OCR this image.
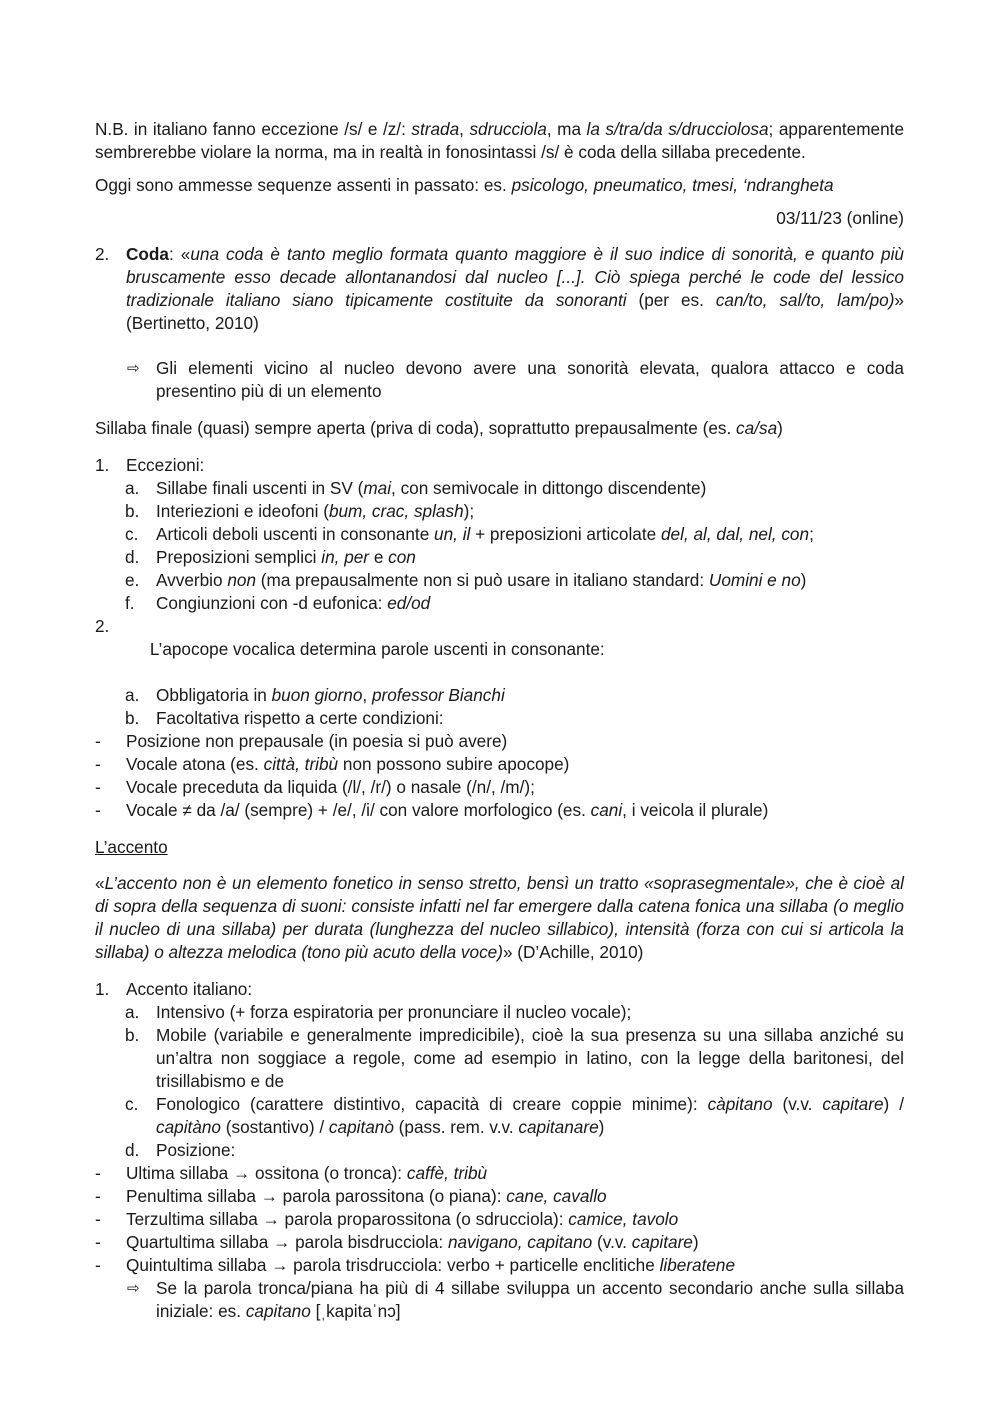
N.B. in italiano fanno eccezione /s/ e /z/: strada, sdrucciola, ma la s/tra/da s/drucciolosa; apparentemente sembrerebbe violare la norma, ma in realtà in fonosintassi /s/ è coda della sillaba precedente.

Oggi sono ammesse sequenze assenti in passato: es. psicologo, pneumatico, tmesi, ‘ndrangheta

03/11/23 (online)

2. Coda: «una coda è tanto meglio formata quanto maggiore è il suo indice di sonorità, e quanto più bruscamente esso decade allontanandosi dal nucleo [...]. Ciò spiega perché le code del lessico tradizionale italiano siano tipicamente costituite da sonoranti (per es. can/to, sal/to, lam/po)» (Bertinetto, 2010)
⇨ Gli elementi vicino al nucleo devono avere una sonorità elevata, qualora attacco e coda presentino più di un elemento

Sillaba finale (quasi) sempre aperta (priva di coda), soprattutto prepausalmente (es. ca/sa)

1. Eccezioni:
a. Sillabe finali uscenti in SV (mai, con semivocale in dittongo discendente)
b. Interiezioni e ideofoni (bum, crac, splash);
c. Articoli deboli uscenti in consonante un, il + preposizioni articolate del, al, dal, nel, con;
d. Preposizioni semplici in, per e con
e. Avverbio non (ma prepausalmente non si può usare in italiano standard: Uomini e no)
f. Congiunzioni con -d eufonica: ed/od

2.
L’apocope vocalica determina parole uscenti in consonante:

a. Obbligatoria in buon giorno, professor Bianchi
b. Facoltativa rispetto a certe condizioni:
- Posizione non prepausale (in poesia si può avere)
- Vocale atona (es. città, tribù non possono subire apocope)
- Vocale preceduta da liquida (/l/, /r/) o nasale (/n/, /m/);
- Vocale ≠ da /a/ (sempre) + /e/, /i/ con valore morfologico (es. cani, i veicola il plurale)

L’accento

«L’accento non è un elemento fonetico in senso stretto, bensì un tratto «soprasegmentale», che è cioè al di sopra della sequenza di suoni: consiste infatti nel far emergere dalla catena fonica una sillaba (o meglio il nucleo di una sillaba) per durata (lunghezza del nucleo sillabico), intensità (forza con cui si articola la sillaba) o altezza melodica (tono più acuto della voce)» (D’Achille, 2010)

1. Accento italiano:
a. Intensivo (+ forza espiratoria per pronunciare il nucleo vocale);
b. Mobile (variabile e generalmente impredicibile), cioè la sua presenza su una sillaba anziché su un’altra non soggiace a regole, come ad esempio in latino, con la legge della baritonesi, del trisillabismo e de
c. Fonologico (carattere distintivo, capacità di creare coppie minime): càpitano (v.v. capitare) / capitàno (sostantivo) / capitanò (pass. rem. v.v. capitanare)
d. Posizione:
- Ultima sillaba → ossitona (o tronca): caffè, tribù
- Penultima sillaba → parola parossitona (o piana): cane, cavallo
- Terzultima sillaba → parola proparossitona (o sdrucciola): camice, tavolo
- Quartultima sillaba → parola bisdrucciola: navigano, capitano (v.v. capitare)
- Quintultima sillaba → parola trisdrucciola: verbo + particelle enclitiche liberatene
⇨ Se la parola tronca/piana ha più di 4 sillabe sviluppa un accento secondario anche sulla sillaba iniziale: es. capitano [ˌkapitaˈnɔ]
